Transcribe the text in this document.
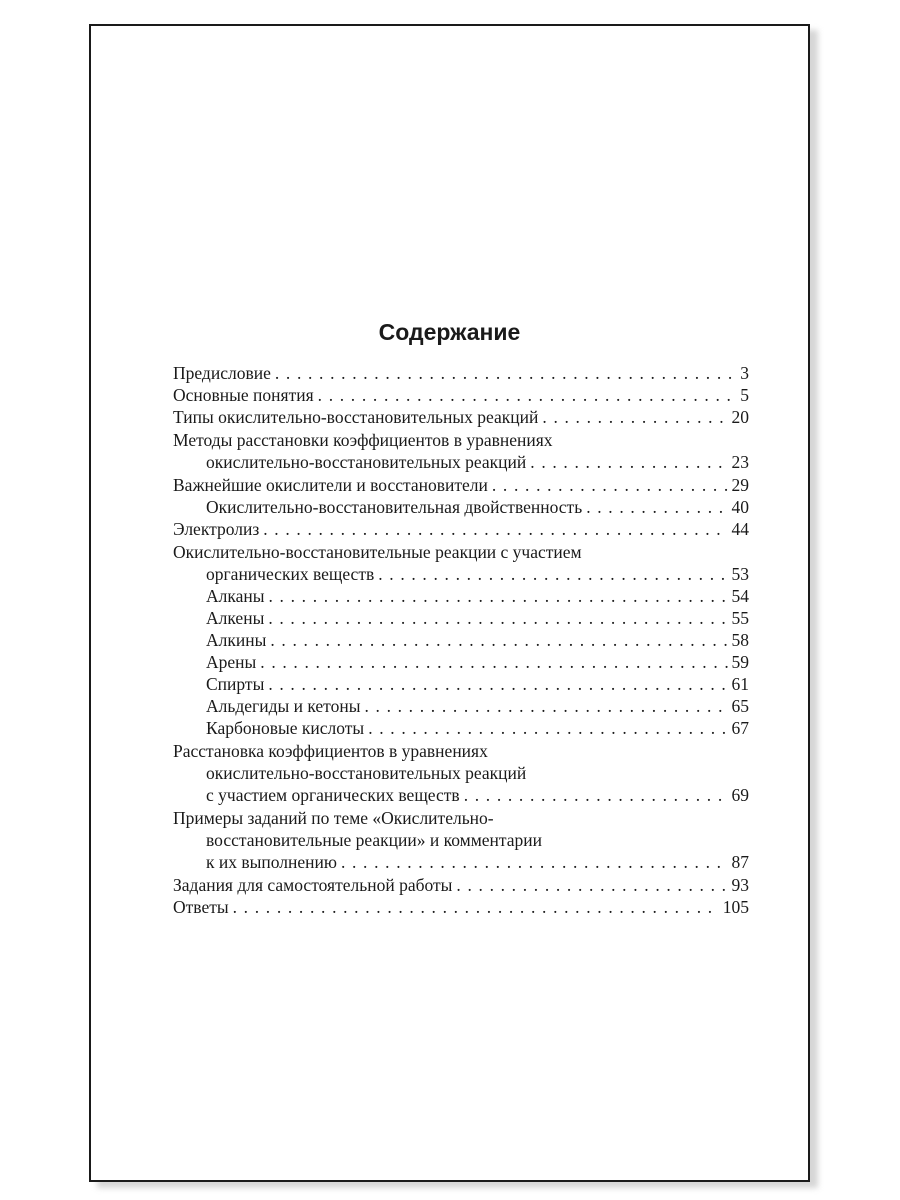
Содержание
Предисловие . . .	3
Основные понятия . . .	5
Типы окислительно-восстановительных реакций . . .	20
Методы расстановки коэффициентов в уравнениях
окислительно-восстановительных реакций . . .	23
Важнейшие окислители и восстановители . . .	29
Окислительно-восстановительная двойственность . . .	40
Электролиз . . .	44
Окислительно-восстановительные реакции с участием
органических веществ . . .	53
Алканы . . .	54
Алкены . . .	55
Алкины . . .	58
Арены . . .	59
Спирты . . .	61
Альдегиды и кетоны . . .	65
Карбоновые кислоты . . .	67
Расстановка коэффициентов в уравнениях
окислительно-восстановительных реакций
с участием органических веществ . . .	69
Примеры заданий по теме «Окислительно-
восстановительные реакции» и комментарии
к их выполнению . . .	87
Задания для самостоятельной работы . . .	93
Ответы . . .	105
